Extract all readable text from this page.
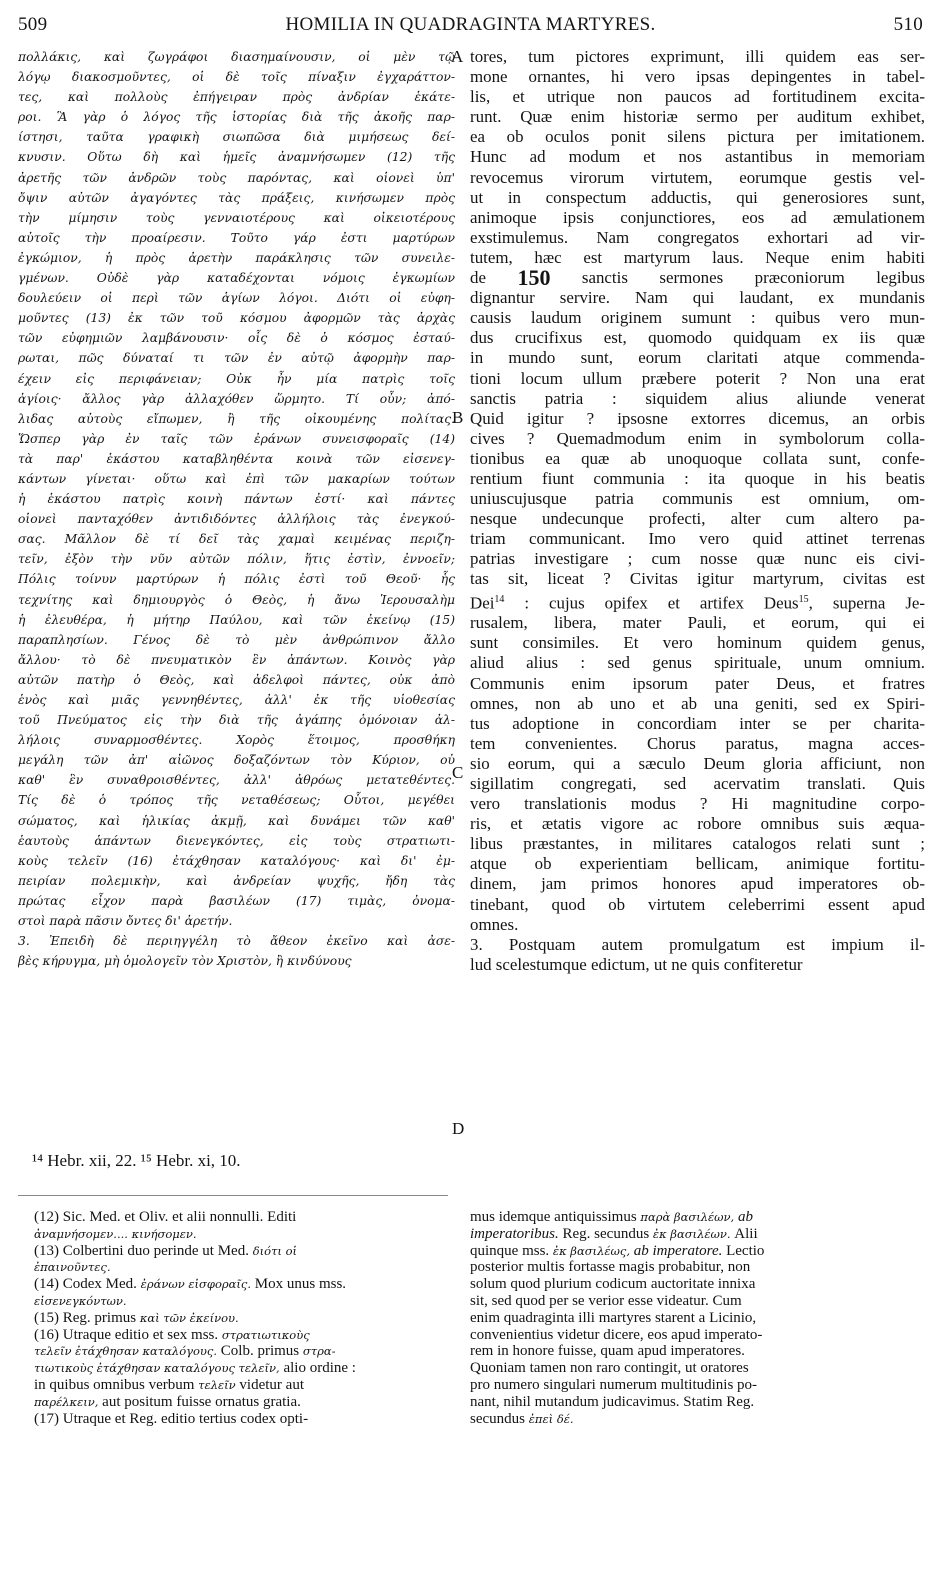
509	HOMILIA IN QUADRAGINTA MARTYRES.	510
πολλάκις, καὶ ζωγράφοι διασημαίνουσιν, οἱ μὲν τῷ
λόγῳ διακοσμοῦντες, οἱ δὲ τοῖς πίναξιν ἐγχαράττον-
τες, καὶ πολλοὺς ἐπήγειραν πρὸς ἀνδρίαν ἑκάτε-
ροι. Ἃ γὰρ ὁ λόγος τῆς ἱστορίας διὰ τῆς ἀκοῆς παρ-
ίστησι, ταῦτα γραφικὴ σιωπῶσα διὰ μιμήσεως δεί-
κνυσιν. Οὕτω δὴ καὶ ἡμεῖς ἀναμνήσωμεν (12) τῆς
ἀρετῆς τῶν ἀνδρῶν τοὺς παρόντας, καὶ οἱονεὶ ὑπ'
ὄψιν αὐτῶν ἀγαγόντες τὰς πράξεις, κινήσωμεν πρὸς
τὴν μίμησιν τοὺς γενναιοτέρους καὶ οἰκειοτέρους
αὐτοῖς τὴν προαίρεσιν. Τοῦτο γάρ ἐστι μαρτύρων
ἐγκώμιον, ἡ πρὸς ἀρετὴν παράκλησις τῶν συνειλε-
γμένων. Οὐδὲ γὰρ καταδέχονται νόμοις ἐγκωμίων
δουλεύειν οἱ περὶ τῶν ἁγίων λόγοι. Διότι οἱ εὐφη-
μοῦντες (13) ἐκ τῶν τοῦ κόσμου ἀφορμῶν τὰς ἀρχὰς
τῶν εὐφημιῶν λαμβάνουσιν· οἷς δὲ ὁ κόσμος ἐσταύ-
ρωται, πῶς δύναταί τι τῶν ἐν αὐτῷ ἀφορμὴν παρ-
έχειν εἰς περιφάνειαν; Οὐκ ἦν μία πατρὶς τοῖς
ἁγίοις· ἄλλος γὰρ ἀλλαχόθεν ὥρμητο. Τί οὖν; ἀπό-
λιδας αὐτοὺς εἴπωμεν, ἢ τῆς οἰκουμένης πολίτας.
Ὥσπερ γὰρ ἐν ταῖς τῶν ἐράνων συνεισφοραῖς (14)
τὰ παρ' ἑκάστου καταβληθέντα κοινὰ τῶν εἰσενεγ-
κάντων γίνεται· οὕτω καὶ ἐπὶ τῶν μακαρίων τούτων
ἡ ἑκάστου πατρὶς κοινὴ πάντων ἐστί· καὶ πάντες
οἱονεὶ πανταχόθεν ἀντιδιδόντες ἀλλήλοις τὰς ἐνεγκού-
σας. Μᾶλλον δὲ τί δεῖ τὰς χαμαὶ κειμένας περιζη-
τεῖν, ἐξὸν τὴν νῦν αὐτῶν πόλιν, ἥτις ἐστὶν, ἐννοεῖν;
Πόλις τοίνυν μαρτύρων ἡ πόλις ἐστὶ τοῦ Θεοῦ· ἧς
τεχνίτης καὶ δημιουργὸς ὁ Θεὸς, ἡ ἄνω Ἱερουσαλὴμ
ἡ ἐλευθέρα, ἡ μήτηρ Παύλου, καὶ τῶν ἐκείνῳ (15)
παραπλησίων. Γένος δὲ τὸ μὲν ἀνθρώπινον ἄλλο
ἄλλου· τὸ δὲ πνευματικὸν ἓν ἁπάντων. Κοινὸς γὰρ
αὐτῶν πατὴρ ὁ Θεὸς, καὶ ἀδελφοὶ πάντες, οὐκ ἀπὸ
ἑνὸς καὶ μιᾶς γεννηθέντες, ἀλλ' ἐκ τῆς υἱοθεσίας
τοῦ Πνεύματος εἰς τὴν διὰ τῆς ἀγάπης ὁμόνοιαν ἀλ-
λήλοις συναρμοσθέντες. Χορὸς ἕτοιμος, προσθήκη
μεγάλη τῶν ἀπ' αἰῶνος δοξαζόντων τὸν Κύριον, οὐ
καθ' ἓν συναθροισθέντες, ἀλλ' ἀθρόως μετατεθέντες.
Τίς δὲ ὁ τρόπος τῆς νεταθέσεως; Οὗτοι, μεγέθει
σώματος, καὶ ἡλικίας ἀκμῇ, καὶ δυνάμει τῶν καθ'
ἑαυτοὺς ἁπάντων διενεγκόντες, εἰς τοὺς στρατιωτι-
κοὺς τελεῖν (16) ἐτάχθησαν καταλόγους· καὶ δι' ἐμ-
πειρίαν πολεμικὴν, καὶ ἀνδρείαν ψυχῆς, ἤδη τὰς
πρώτας εἶχον παρὰ βασιλέων (17) τιμὰς, ὀνομα-
στοὶ παρὰ πᾶσιν ὄντες δι' ἀρετήν.
3. Ἐπειδὴ δὲ περιηγγέλη τὸ ἄθεον ἐκεῖνο καὶ ἀσε-
βὲς κήρυγμα, μὴ ὁμολογεῖν τὸν Χριστὸν, ἢ κινδύνους
tores, tum pictores exprimunt, illi quidem eas ser-
mone ornantes, hi vero ipsas depingentes in tabel-
lis, et utrique non paucos ad fortitudinem excita-
runt. Quæ enim historiæ sermo per auditum exhibet,
ea ob oculos ponit silens pictura per imitationem.
Hunc ad modum et nos astantibus in memoriam
revocemus virorum virtutem, eorumque gestis vel-
ut in conspectum adductis, qui generosiores sunt,
animoque ipsis conjunctiores, eos ad æmulationem
exstimulemus. Nam congregatos exhortari ad vir-
tutem, hæc est martyrum laus. Neque enim habiti
de 150 sanctis sermones præconiorum legibus
dignantur servire. Nam qui laudant, ex mundanis
causis laudum originem sumunt : quibus vero mun-
dus crucifixus est, quomodo quidquam ex iis quæ
in mundo sunt, eorum claritati atque commenda-
tioni locum ullum præbere poterit ? Non una erat
sanctis patria : siquidem alius aliunde venerat
Quid igitur ? ipsosne extorres dicemus, an orbis
cives ? Quemadmodum enim in symbolorum colla-
tionibus ea quæ ab unoquoque collata sunt, confe-
rentium fiunt communia : ita quoque in his beatis
uniuscujusque patria communis est omnium, om-
nesque undecunque profecti, alter cum altero pa-
triam communicant. Imo vero quid attinet terrenas
patrias investigare ; cum nosse quæ nunc eis civi-
tas sit, liceat ? Civitas igitur martyrum, civitas est
Dei$^{14}$ : cujus opifex et artifex Deus$^{15}$, superna Je-
rusalem, libera, mater Pauli, et eorum, qui ei
sunt consimiles. Et vero hominum quidem genus,
aliud alius : sed genus spirituale, unum omnium.
Communis enim ipsorum pater Deus, et fratres
omnes, non ab uno et ab una geniti, sed ex Spiri-
tus adoptione in concordiam inter se per charita-
tem convenientes. Chorus paratus, magna acces-
sio eorum, qui a sæculo Deum gloria afficiunt, non
sigillatim congregati, sed acervatim translati. Quis
vero translationis modus ? Hi magnitudine corpo-
ris, et ætatis vigore ac robore omnibus suis æqua-
libus præstantes, in militares catalogos relati sunt ;
atque ob experientiam bellicam, animique fortitu-
dinem, jam primos honores apud imperatores ob-
tinebant, quod ob virtutem celeberrimi essent apud
omnes.
3. Postquam autem promulgatum est impium il-
lud scelestumque edictum, ut ne quis confiteretur
A
B
C
D
¹⁴ Hebr. xii, 22. ¹⁵ Hebr. xi, 10.
(12) Sic. Med. et Oliv. et alii nonnulli. Editi
ἀναμνήσομεν.... κινήσομεν.
(13) Colbertini duo perinde ut Med. διότι οἱ
ἐπαινοῦντες.
(14) Codex Med. ἐράνων εἰσφοραῖς. Mox unus mss.
εἰσενεγκόντων.
(15) Reg. primus καὶ τῶν ἐκείνου.
(16) Utraque editio et sex mss. στρατιωτικοὺς
τελεῖν ἐτάχθησαν καταλόγους. Colb. primus στρα-
τιωτικοὺς ἐτάχθησαν καταλόγους τελεῖν, alio ordine :
in quibus omnibus verbum τελεῖν videtur aut
παρέλκειν, aut positum fuisse ornatus gratia.
(17) Utraque et Reg. editio tertius codex opti-
mus idemque antiquissimus παρὰ βασιλέων, ab
imperatoribus. Reg. secundus ἐκ βασιλέων. Alii
quinque mss. ἐκ βασιλέως, ab imperatore. Lectio
posterior multis fortasse magis probabitur, non
solum quod plurium codicum auctoritate innixa
sit, sed quod per se verior esse videatur. Cum
enim quadraginta illi martyres starent a Licinio,
convenientius videtur dicere, eos apud imperato-
rem in honore fuisse, quam apud imperatores.
Quoniam tamen non raro contingit, ut oratores
pro numero singulari numerum multitudinis po-
nant, nihil mutandum judicavimus. Statim Reg.
secundus ἐπεὶ δέ.
